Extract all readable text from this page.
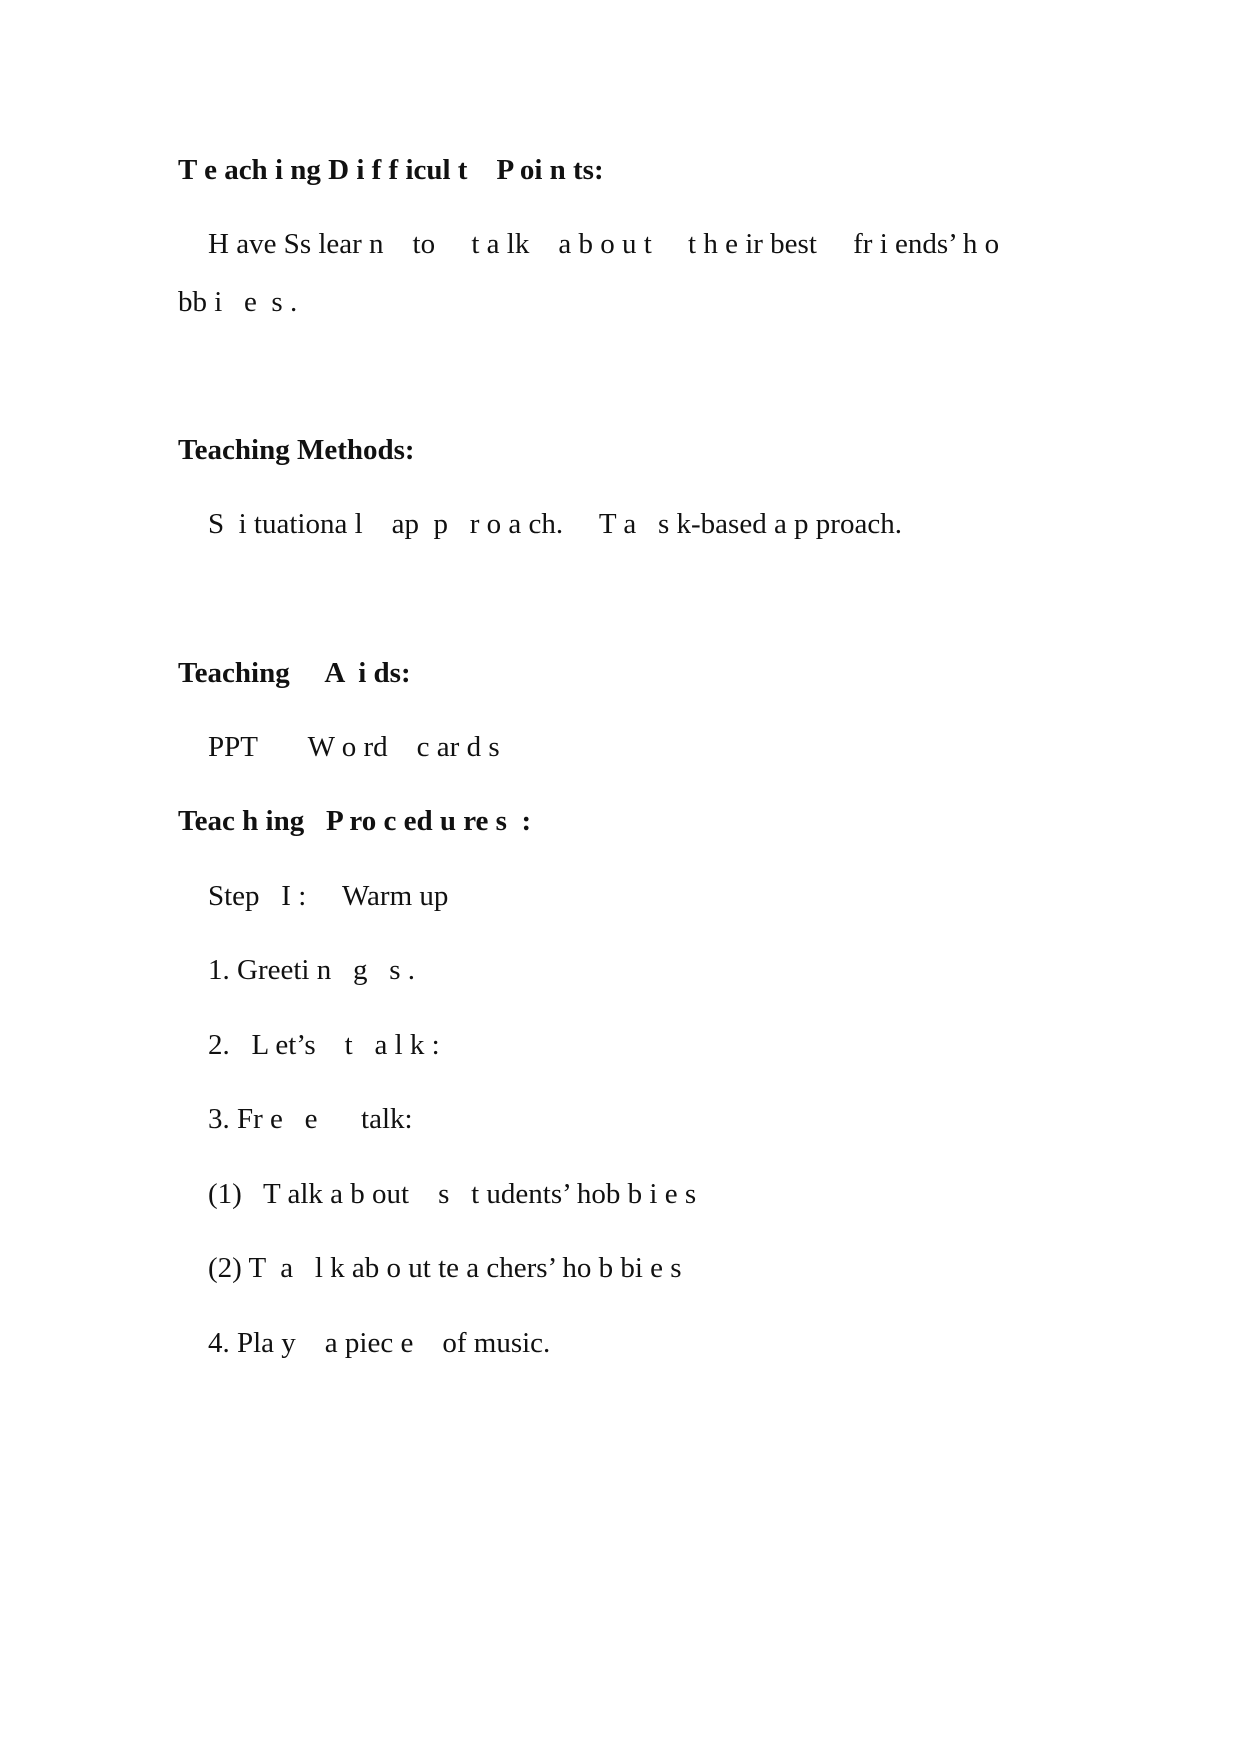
T e ach i ng D i f f icul t    P oi n ts:
H ave Ss lear n    to     t a lk    a b o u t     t h e ir best     fr i ends’ h o
bb i   e  s .
Teaching Methods:
S  i tuationa l    ap  p   r o a ch.     T a   s k-based a p proach.
Teaching     A  i ds:
PPT       W o rd    c ar d s
Teac h ing   P ro c ed u re s  :
Step   I :     Warm up
1. Greeti n   g   s .
2.   L et’s    t   a l k :
3. Fr e   e      talk:
(1)   T alk a b out    s   t udents’ hob b i e s
(2) T  a   l k ab o ut te a chers’ ho b bi e s
4. Pla y    a piec e    of music.
